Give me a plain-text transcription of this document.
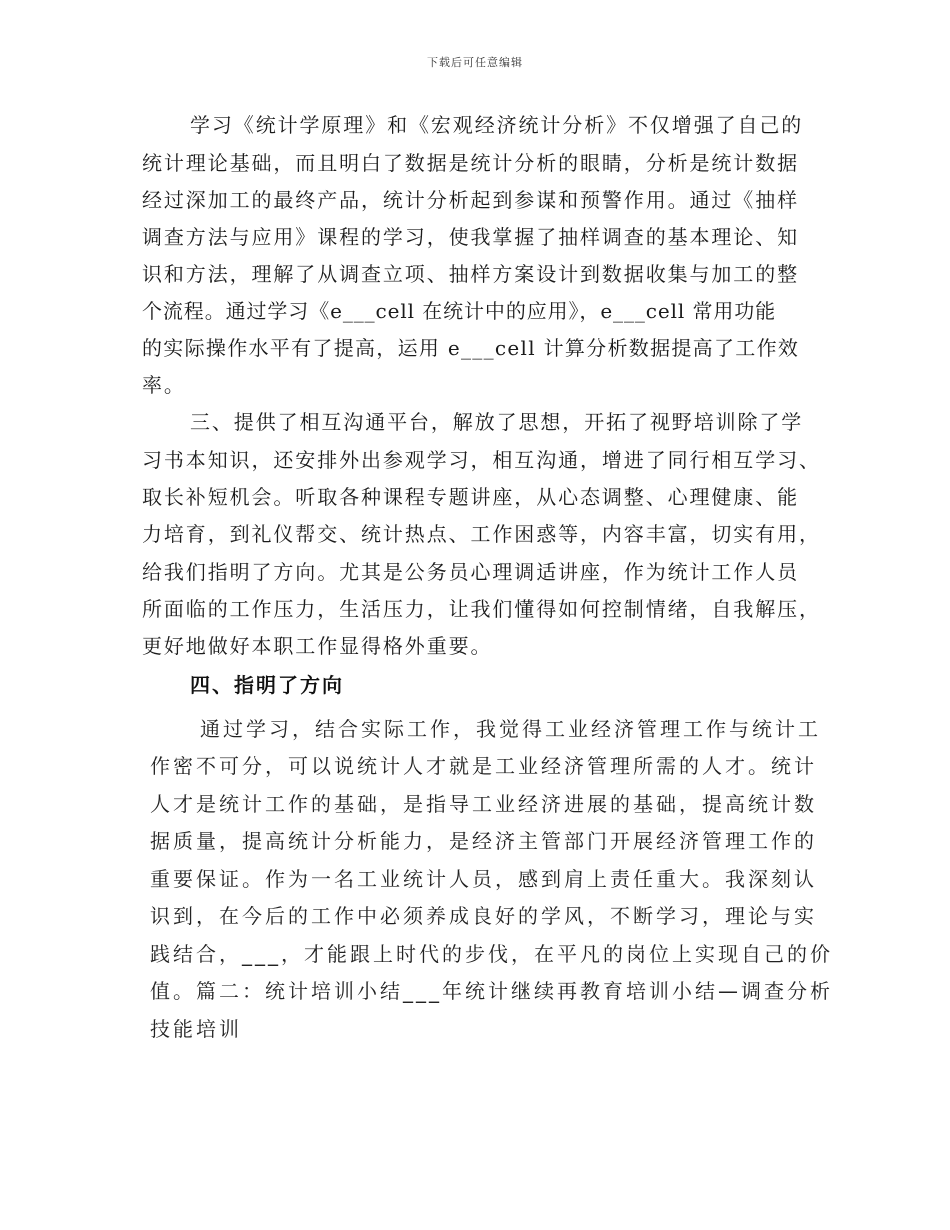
下载后可任意编辑
学习《统计学原理》和《宏观经济统计分析》不仅增强了自己的
统计理论基础，而且明白了数据是统计分析的眼睛，分析是统计数据
经过深加工的最终产品，统计分析起到参谋和预警作用。通过《抽样
调查方法与应用》课程的学习，使我掌握了抽样调查的基本理论、知
识和方法，理解了从调查立项、抽样方案设计到数据收集与加工的整
个流程。通过学习《e___cell 在统计中的应用》，e___cell 常用功能
的实际操作水平有了提高，运用 e___cell 计算分析数据提高了工作效
率。
三、提供了相互沟通平台，解放了思想，开拓了视野培训除了学
习书本知识，还安排外出参观学习，相互沟通，增进了同行相互学习、
取长补短机会。听取各种课程专题讲座，从心态调整、心理健康、能
力培育，到礼仪帮交、统计热点、工作困惑等，内容丰富，切实有用，
给我们指明了方向。尤其是公务员心理调适讲座，作为统计工作人员
所面临的工作压力，生活压力，让我们懂得如何控制情绪，自我解压，
更好地做好本职工作显得格外重要。
四、指明了方向
通过学习，结合实际工作，我觉得工业经济管理工作与统计工
作密不可分，可以说统计人才就是工业经济管理所需的人才。统计
人才是统计工作的基础，是指导工业经济进展的基础，提高统计数
据质量，提高统计分析能力，是经济主管部门开展经济管理工作的
重要保证。作为一名工业统计人员，感到肩上责任重大。我深刻认
识到，在今后的工作中必须养成良好的学风，不断学习，理论与实
践结合，___，才能跟上时代的步伐，在平凡的岗位上实现自己的价
值。篇二：统计培训小结___年统计继续再教育培训小结—调查分析
技能培训
